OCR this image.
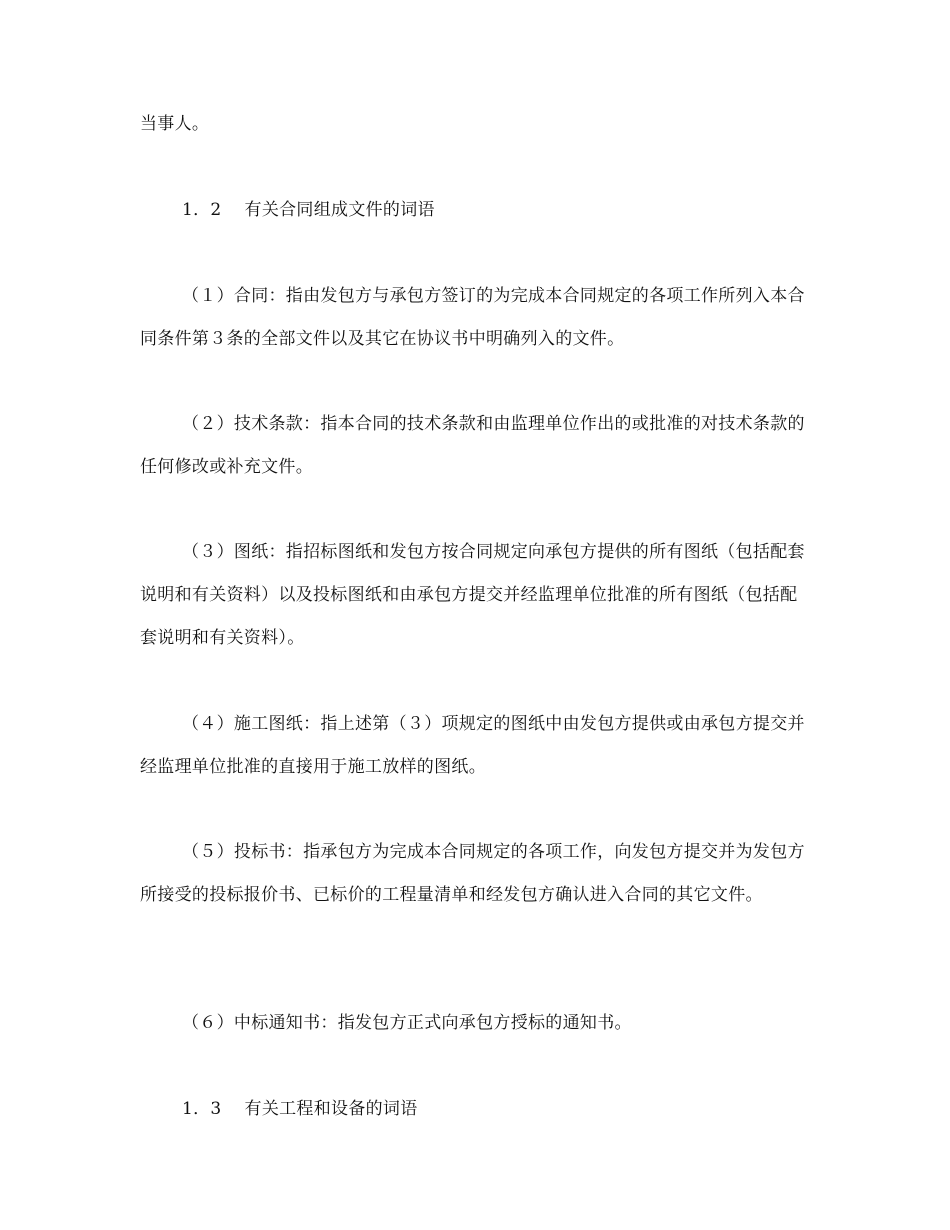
当事人。

1．2　 有关合同组成文件的词语

（１）合同：指由发包方与承包方签订的为完成本合同规定的各项工作所列入本合同条件第３条的全部文件以及其它在协议书中明确列入的文件。

（２）技术条款：指本合同的技术条款和由监理单位作出的或批准的对技术条款的任何修改或补充文件。

（３）图纸：指招标图纸和发包方按合同规定向承包方提供的所有图纸（包括配套说明和有关资料）以及投标图纸和由承包方提交并经监理单位批准的所有图纸（包括配套说明和有关资料）。

（４）施工图纸：指上述第（３）项规定的图纸中由发包方提供或由承包方提交并经监理单位批准的直接用于施工放样的图纸。

（５）投标书：指承包方为完成本合同规定的各项工作，向发包方提交并为发包方所接受的投标报价书、已标价的工程量清单和经发包方确认进入合同的其它文件。

（６）中标通知书：指发包方正式向承包方授标的通知书。

1．3　 有关工程和设备的词语
